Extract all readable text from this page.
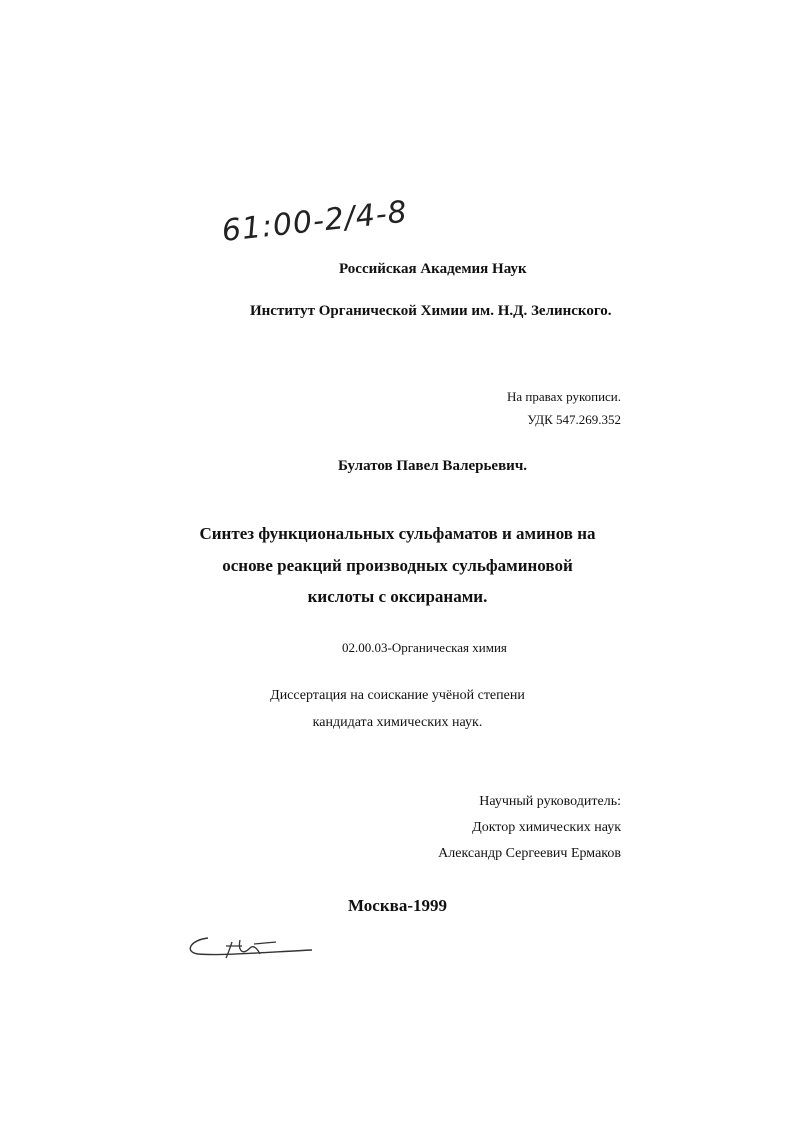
61:00-2/4-8
Российская Академия Наук
Институт Органической Химии им. Н.Д. Зелинского.
На правах рукописи.
УДК 547.269.352
Булатов Павел Валерьевич.
Синтез функциональных сульфаматов и аминов на
основе реакций производных сульфаминовой
кислоты с оксиранами.
02.00.03-Органическая химия
Диссертация на соискание учёной степени
кандидата химических наук.
Научный руководитель:
Доктор химических наук
Александр Сергеевич Ермаков
Москва-1999
